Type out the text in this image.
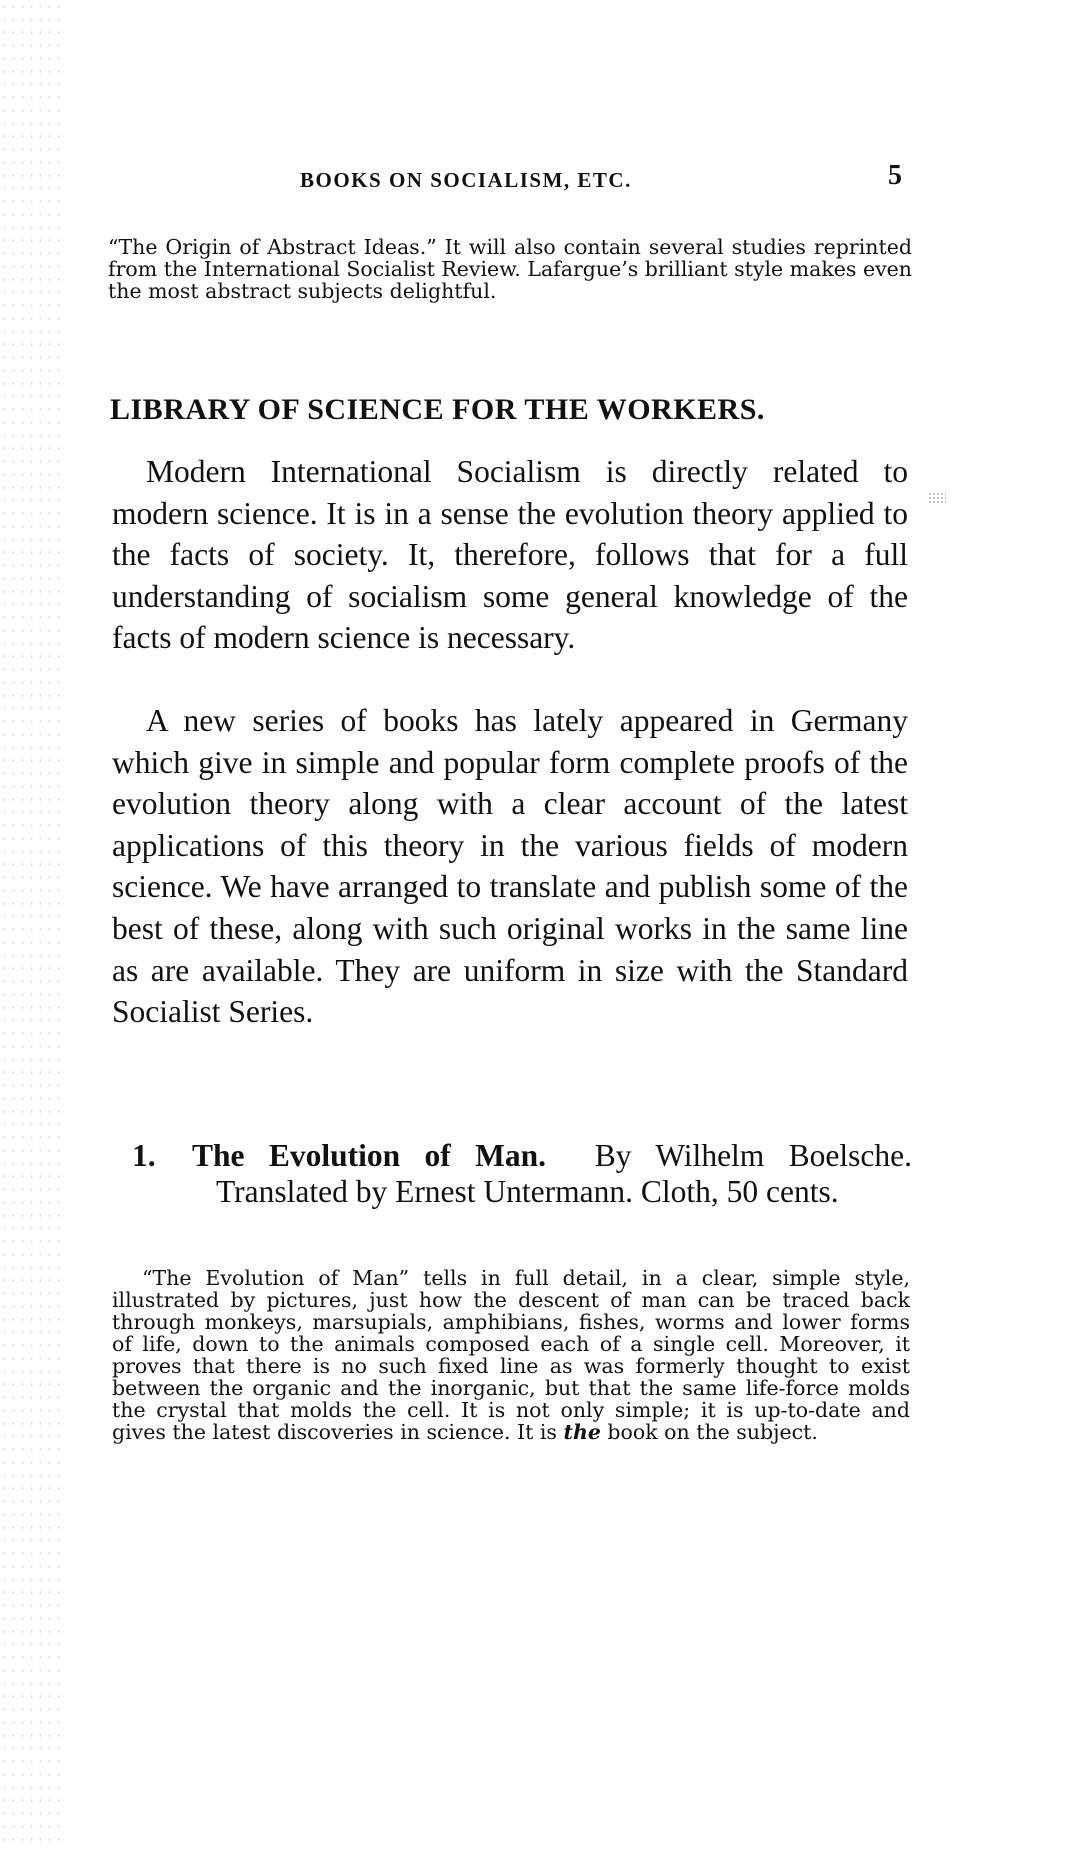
BOOKS ON SOCIALISM, ETC.	5

“The Origin of Abstract Ideas.” It will also contain several studies reprinted from the International Socialist Review. Lafargue’s brilliant style makes even the most abstract subjects delightful.

LIBRARY OF SCIENCE FOR THE WORKERS.

Modern International Socialism is directly related to modern science. It is in a sense the evolution theory applied to the facts of society. It, therefore, follows that for a full understanding of socialism some general knowledge of the facts of modern science is necessary.

A new series of books has lately appeared in Germany which give in simple and popular form complete proofs of the evolution theory along with a clear account of the latest applications of this theory in the various fields of modern science. We have arranged to translate and publish some of the best of these, along with such original works in the same line as are available. They are uniform in size with the Standard Socialist Series.

1. The Evolution of Man. By Wilhelm Boelsche. Translated by Ernest Untermann. Cloth, 50 cents.

“The Evolution of Man” tells in full detail, in a clear, simple style, illustrated by pictures, just how the descent of man can be traced back through monkeys, marsupials, amphibians, fishes, worms and lower forms of life, down to the animals composed each of a single cell. Moreover, it proves that there is no such fixed line as was formerly thought to exist between the organic and the inorganic, but that the same life-force molds the crystal that molds the cell. It is not only simple; it is up-to-date and gives the latest discoveries in science. It is the book on the subject.
